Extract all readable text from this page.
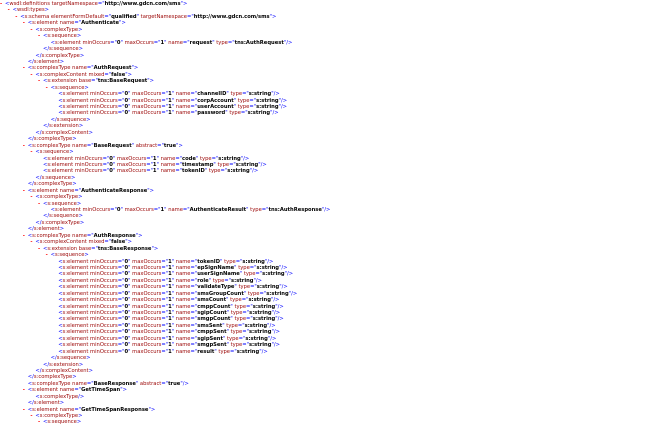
- <wsdl:definitions targetNamespace="http://www.gdcn.com/sms">
- <wsdl:types>
- <s:schema elementFormDefault="qualified" targetNamespace="http://www.gdcn.com/sms">
- <s:element name="Authenticate">
- <s:complexType>
- <s:sequence>
<s:element minOccurs="0" maxOccurs="1" name="request" type="tns:AuthRequest"/>
</s:sequence>
</s:complexType>
</s:element>
- <s:complexType name="AuthRequest">
- <s:complexContent mixed="false">
- <s:extension base="tns:BaseRequest">
- <s:sequence>
<s:element minOccurs="0" maxOccurs="1" name="channelID" type="s:string"/>
<s:element minOccurs="0" maxOccurs="1" name="corpAccount" type="s:string"/>
<s:element minOccurs="0" maxOccurs="1" name="userAccount" type="s:string"/>
<s:element minOccurs="0" maxOccurs="1" name="password" type="s:string"/>
</s:sequence>
</s:extension>
</s:complexContent>
</s:complexType>
- <s:complexType name="BaseRequest" abstract="true">
- <s:sequence>
<s:element minOccurs="0" maxOccurs="1" name="code" type="s:string"/>
<s:element minOccurs="0" maxOccurs="1" name="timestamp" type="s:string"/>
<s:element minOccurs="0" maxOccurs="1" name="tokenID" type="s:string"/>
</s:sequence>
</s:complexType>
- <s:element name="AuthenticateResponse">
- <s:complexType>
- <s:sequence>
<s:element minOccurs="0" maxOccurs="1" name="AuthenticateResult" type="tns:AuthResponse"/>
</s:sequence>
</s:complexType>
</s:element>
- <s:complexType name="AuthResponse">
- <s:complexContent mixed="false">
- <s:extension base="tns:BaseResponse">
- <s:sequence>
<s:element minOccurs="0" maxOccurs="1" name="tokenID" type="s:string"/>
<s:element minOccurs="0" maxOccurs="1" name="epSignName" type="s:string"/>
<s:element minOccurs="0" maxOccurs="1" name="userSignName" type="s:string"/>
<s:element minOccurs="0" maxOccurs="1" name="role" type="s:string"/>
<s:element minOccurs="0" maxOccurs="1" name="validateType" type="s:string"/>
<s:element minOccurs="0" maxOccurs="1" name="smsGroupCount" type="s:string"/>
<s:element minOccurs="0" maxOccurs="1" name="smsCount" type="s:string"/>
<s:element minOccurs="0" maxOccurs="1" name="cmppCount" type="s:string"/>
<s:element minOccurs="0" maxOccurs="1" name="sgipCount" type="s:string"/>
<s:element minOccurs="0" maxOccurs="1" name="smgpCount" type="s:string"/>
<s:element minOccurs="0" maxOccurs="1" name="smsSent" type="s:string"/>
<s:element minOccurs="0" maxOccurs="1" name="cmppSent" type="s:string"/>
<s:element minOccurs="0" maxOccurs="1" name="sgipSent" type="s:string"/>
<s:element minOccurs="0" maxOccurs="1" name="smgpSent" type="s:string"/>
<s:element minOccurs="0" maxOccurs="1" name="result" type="s:string"/>
</s:sequence>
</s:extension>
</s:complexContent>
</s:complexType>
<s:complexType name="BaseResponse" abstract="true"/>
- <s:element name="GetTimeSpan">
<s:complexType/>
</s:element>
- <s:element name="GetTimeSpanResponse">
- <s:complexType>
- <s:sequence>
